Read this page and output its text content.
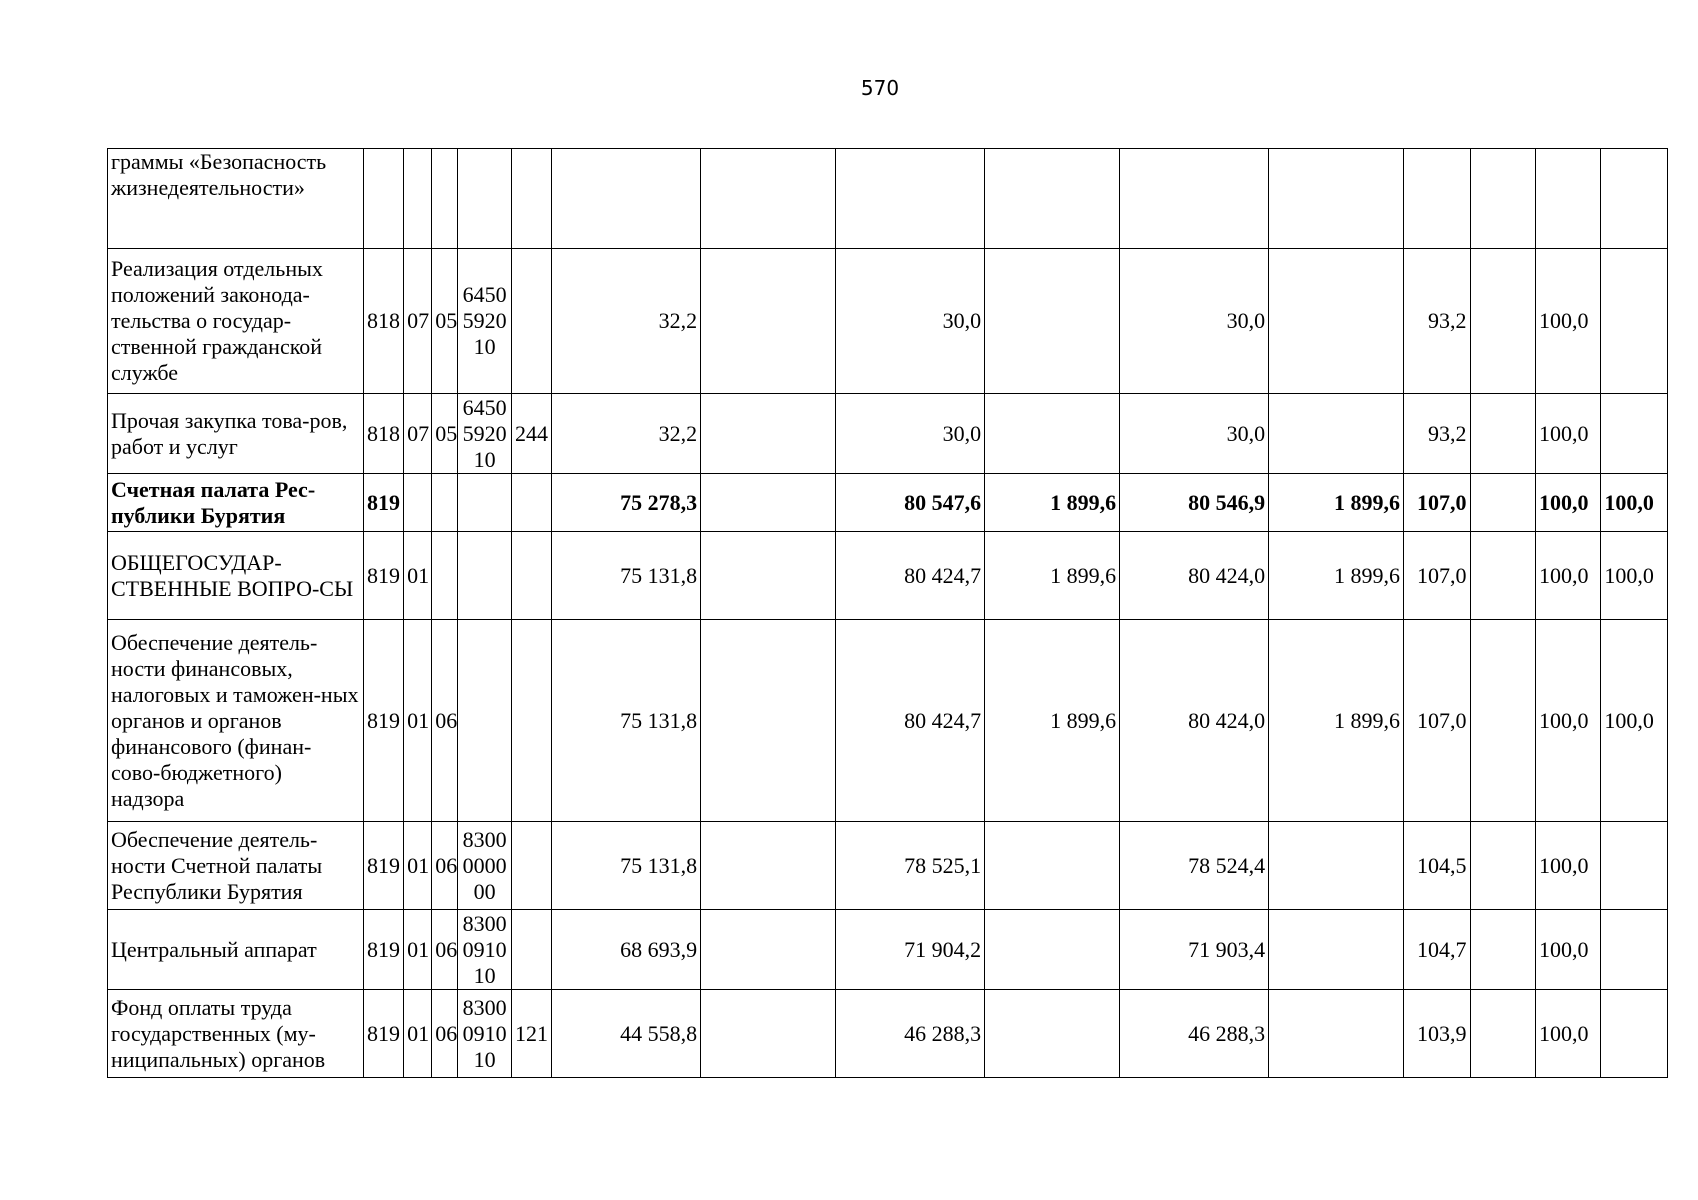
570
граммы «Безопасность жизнедеятельности»															
Реализация отдельных положений законода-тельства о государ-ственной гражданской службе	818	07	05	6450 5920 10		32,2		30,0		30,0		93,2		100,0	
Прочая закупка това-ров, работ и услуг	818	07	05	6450 5920 10	244	32,2		30,0		30,0		93,2		100,0	
Счетная палата Рес-публики Бурятия	819					75 278,3		80 547,6	1 899,6	80 546,9	1 899,6	107,0		100,0	100,0
ОБЩЕГОСУДАР-СТВЕННЫЕ ВОПРО-СЫ	819	01				75 131,8		80 424,7	1 899,6	80 424,0	1 899,6	107,0		100,0	100,0
Обеспечение деятель-ности финансовых, налоговых и таможен-ных органов и органов финансового (финан-сово-бюджетного) надзора	819	01	06			75 131,8		80 424,7	1 899,6	80 424,0	1 899,6	107,0		100,0	100,0
Обеспечение деятель-ности Счетной палаты Республики Бурятия	819	01	06	8300 0000 00		75 131,8		78 525,1		78 524,4		104,5		100,0	
Центральный аппарат	819	01	06	8300 0910 10		68 693,9		71 904,2		71 903,4		104,7		100,0	
Фонд оплаты труда государственных (му-ниципальных) органов	819	01	06	8300 0910 10	121	44 558,8		46 288,3		46 288,3		103,9		100,0	
